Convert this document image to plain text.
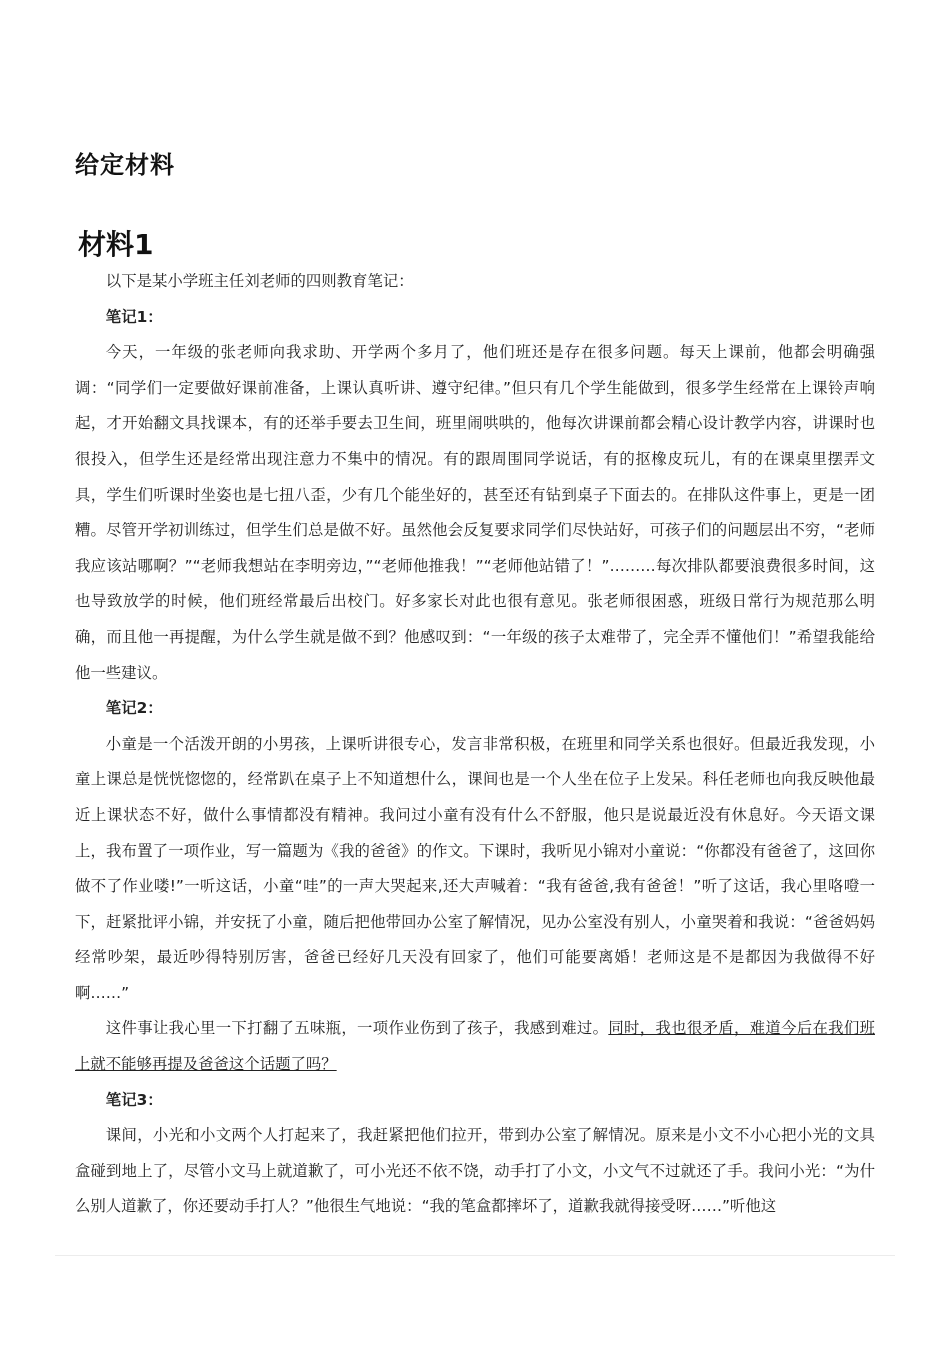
给定材料
材料1

以下是某小学班主任刘老师的四则教育笔记：

笔记1：

今天，一年级的张老师向我求助、开学两个多月了，他们班还是存在很多问题。每天上课前，他都会明确强调：“同学们一定要做好课前准备，上课认真听讲、遵守纪律。”但只有几个学生能做到，很多学生经常在上课铃声响起，才开始翻文具找课本，有的还举手要去卫生间，班里闹哄哄的，他每次讲课前都会精心设计教学内容，讲课时也很投入，但学生还是经常出现注意力不集中的情况。有的跟周围同学说话，有的抠橡皮玩儿，有的在课桌里摆弄文具，学生们听课时坐姿也是七扭八歪，少有几个能坐好的，甚至还有钻到桌子下面去的。在排队这件事上，更是一团糟。尽管开学初训练过，但学生们总是做不好。虽然他会反复要求同学们尽快站好，可孩子们的问题层出不穷，“老师我应该站哪啊？”“老师我想站在李明旁边，”“老师他推我！”“老师他站错了！”………每次排队都要浪费很多时间，这也导致放学的时候，他们班经常最后出校门。好多家长对此也很有意见。张老师很困惑，班级日常行为规范那么明确，而且他一再提醒，为什么学生就是做不到？他感叹到：“一年级的孩子太难带了，完全弄不懂他们！”希望我能给他一些建议。

笔记2：

小童是一个活泼开朗的小男孩，上课听讲很专心，发言非常积极，在班里和同学关系也很好。但最近我发现，小童上课总是恍恍惚惚的，经常趴在桌子上不知道想什么，课间也是一个人坐在位子上发呆。科任老师也向我反映他最近上课状态不好，做什么事情都没有精神。我问过小童有没有什么不舒服，他只是说最近没有休息好。今天语文课上，我布置了一项作业，写一篇题为《我的爸爸》的作文。下课时，我听见小锦对小童说：“你都没有爸爸了，这回你做不了作业喽!”一听这话，小童“哇”的一声大哭起来,还大声喊着：“我有爸爸,我有爸爸！”听了这话，我心里咯噔一下，赶紧批评小锦，并安抚了小童，随后把他带回办公室了解情况，见办公室没有别人，小童哭着和我说：“爸爸妈妈经常吵架，最近吵得特别厉害，爸爸已经好几天没有回家了，他们可能要离婚！老师这是不是都因为我做得不好啊……”

这件事让我心里一下打翻了五味瓶，一项作业伤到了孩子，我感到难过。同时，我也很矛盾，难道今后在我们班上就不能够再提及爸爸这个话题了吗？

笔记3：

课间，小光和小文两个人打起来了，我赶紧把他们拉开，带到办公室了解情况。原来是小文不小心把小光的文具盒碰到地上了，尽管小文马上就道歉了，可小光还不依不饶，动手打了小文，小文气不过就还了手。我问小光：“为什么别人道歉了，你还要动手打人？”他很生气地说：“我的笔盒都摔坏了，道歉我就得接受呀……”听他这
